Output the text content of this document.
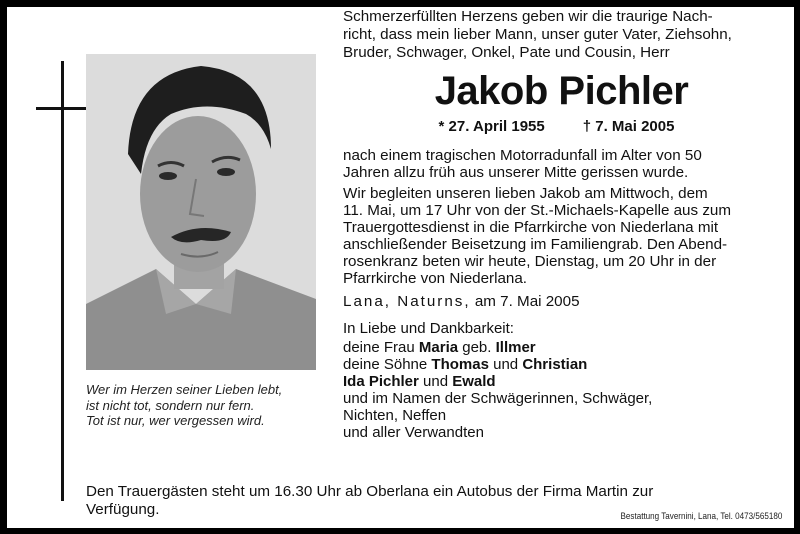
Wer im Herzen seiner Lieben lebt,
ist nicht tot, sondern nur fern.
Tot ist nur, wer vergessen wird.
Schmerzerfüllten Herzens geben wir die traurige Nach-
richt, dass mein lieber Mann, unser guter Vater, Ziehsohn,
Bruder, Schwager, Onkel, Pate und Cousin, Herr
Jakob Pichler
* 27. April 1955	† 7. Mai 2005
nach einem tragischen Motorradunfall im Alter von 50
Jahren allzu früh aus unserer Mitte gerissen wurde.
Wir begleiten unseren lieben Jakob am Mittwoch, dem
11. Mai, um 17 Uhr von der St.-Michaels-Kapelle aus zum
Trauergottesdienst in die Pfarrkirche von Niederlana mit
anschließender Beisetzung im Familiengrab. Den Abend-
rosenkranz beten wir heute, Dienstag, um 20 Uhr in der
Pfarrkirche von Niederlana.
Lana, Naturns, am 7. Mai 2005
In Liebe und Dankbarkeit:
deine Frau Maria geb. Illmer
deine Söhne Thomas und Christian
Ida Pichler und Ewald
und im Namen der Schwägerinnen, Schwäger,
Nichten, Neffen
und aller Verwandten
Den Trauergästen steht um 16.30 Uhr ab Oberlana ein Autobus der Firma Martin zur
Verfügung.	Bestattung Tavernini, Lana, Tel. 0473/565180
